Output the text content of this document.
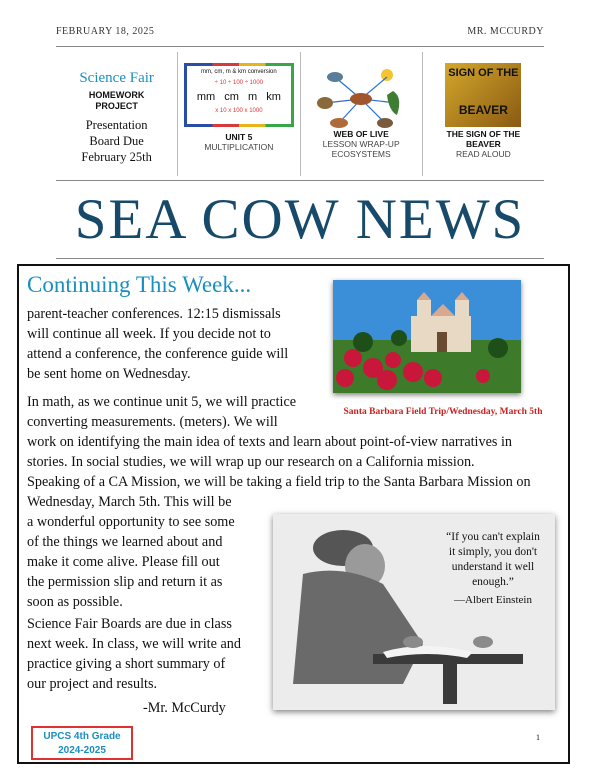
FEBRUARY 18, 2025	MR. MCCURDY
Science Fair
HOMEWORK
PROJECT
Presentation
Board Due
February 25th
mm, cm, m & km conversion
÷ 10 ÷ 100 ÷ 1000
mm cm m km
x 10 x 100 x 1000
UNIT 5
MULTIPLICATION
WEB OF LIVE
LESSON WRAP-UP
ECOSYSTEMS
SIGN OF THE
BEAVER
THE SIGN OF THE
BEAVER
READ ALOUD
SEA COW NEWS
Continuing This Week...
parent-teacher conferences. 12:15 dismissals
will continue all week. If you decide not to
attend a conference, the conference guide will
be sent home on Wednesday.
In math, as we continue unit 5, we will practice
converting measurements. (meters). We will
work on identifying the main idea of texts and learn about point-of-view narratives in
stories. In social studies, we will wrap up our research on a California mission.
Santa Barbara Field Trip/Wednesday, March 5th
Speaking of a CA Mission, we will be taking a field trip to the Santa Barbara Mission on
Wednesday, March 5th. This will be
a wonderful opportunity to see some
of the things we learned about and
make it come alive. Please fill out
the permission slip and return it as
soon as possible.
“If you can't explain it simply, you don't understand it well enough.”
—Albert Einstein
Science Fair Boards are due in class
next week. In class, we will write and
practice giving a short summary of
our project and results.
-Mr. McCurdy
UPCS 4th Grade
2024-2025
1
